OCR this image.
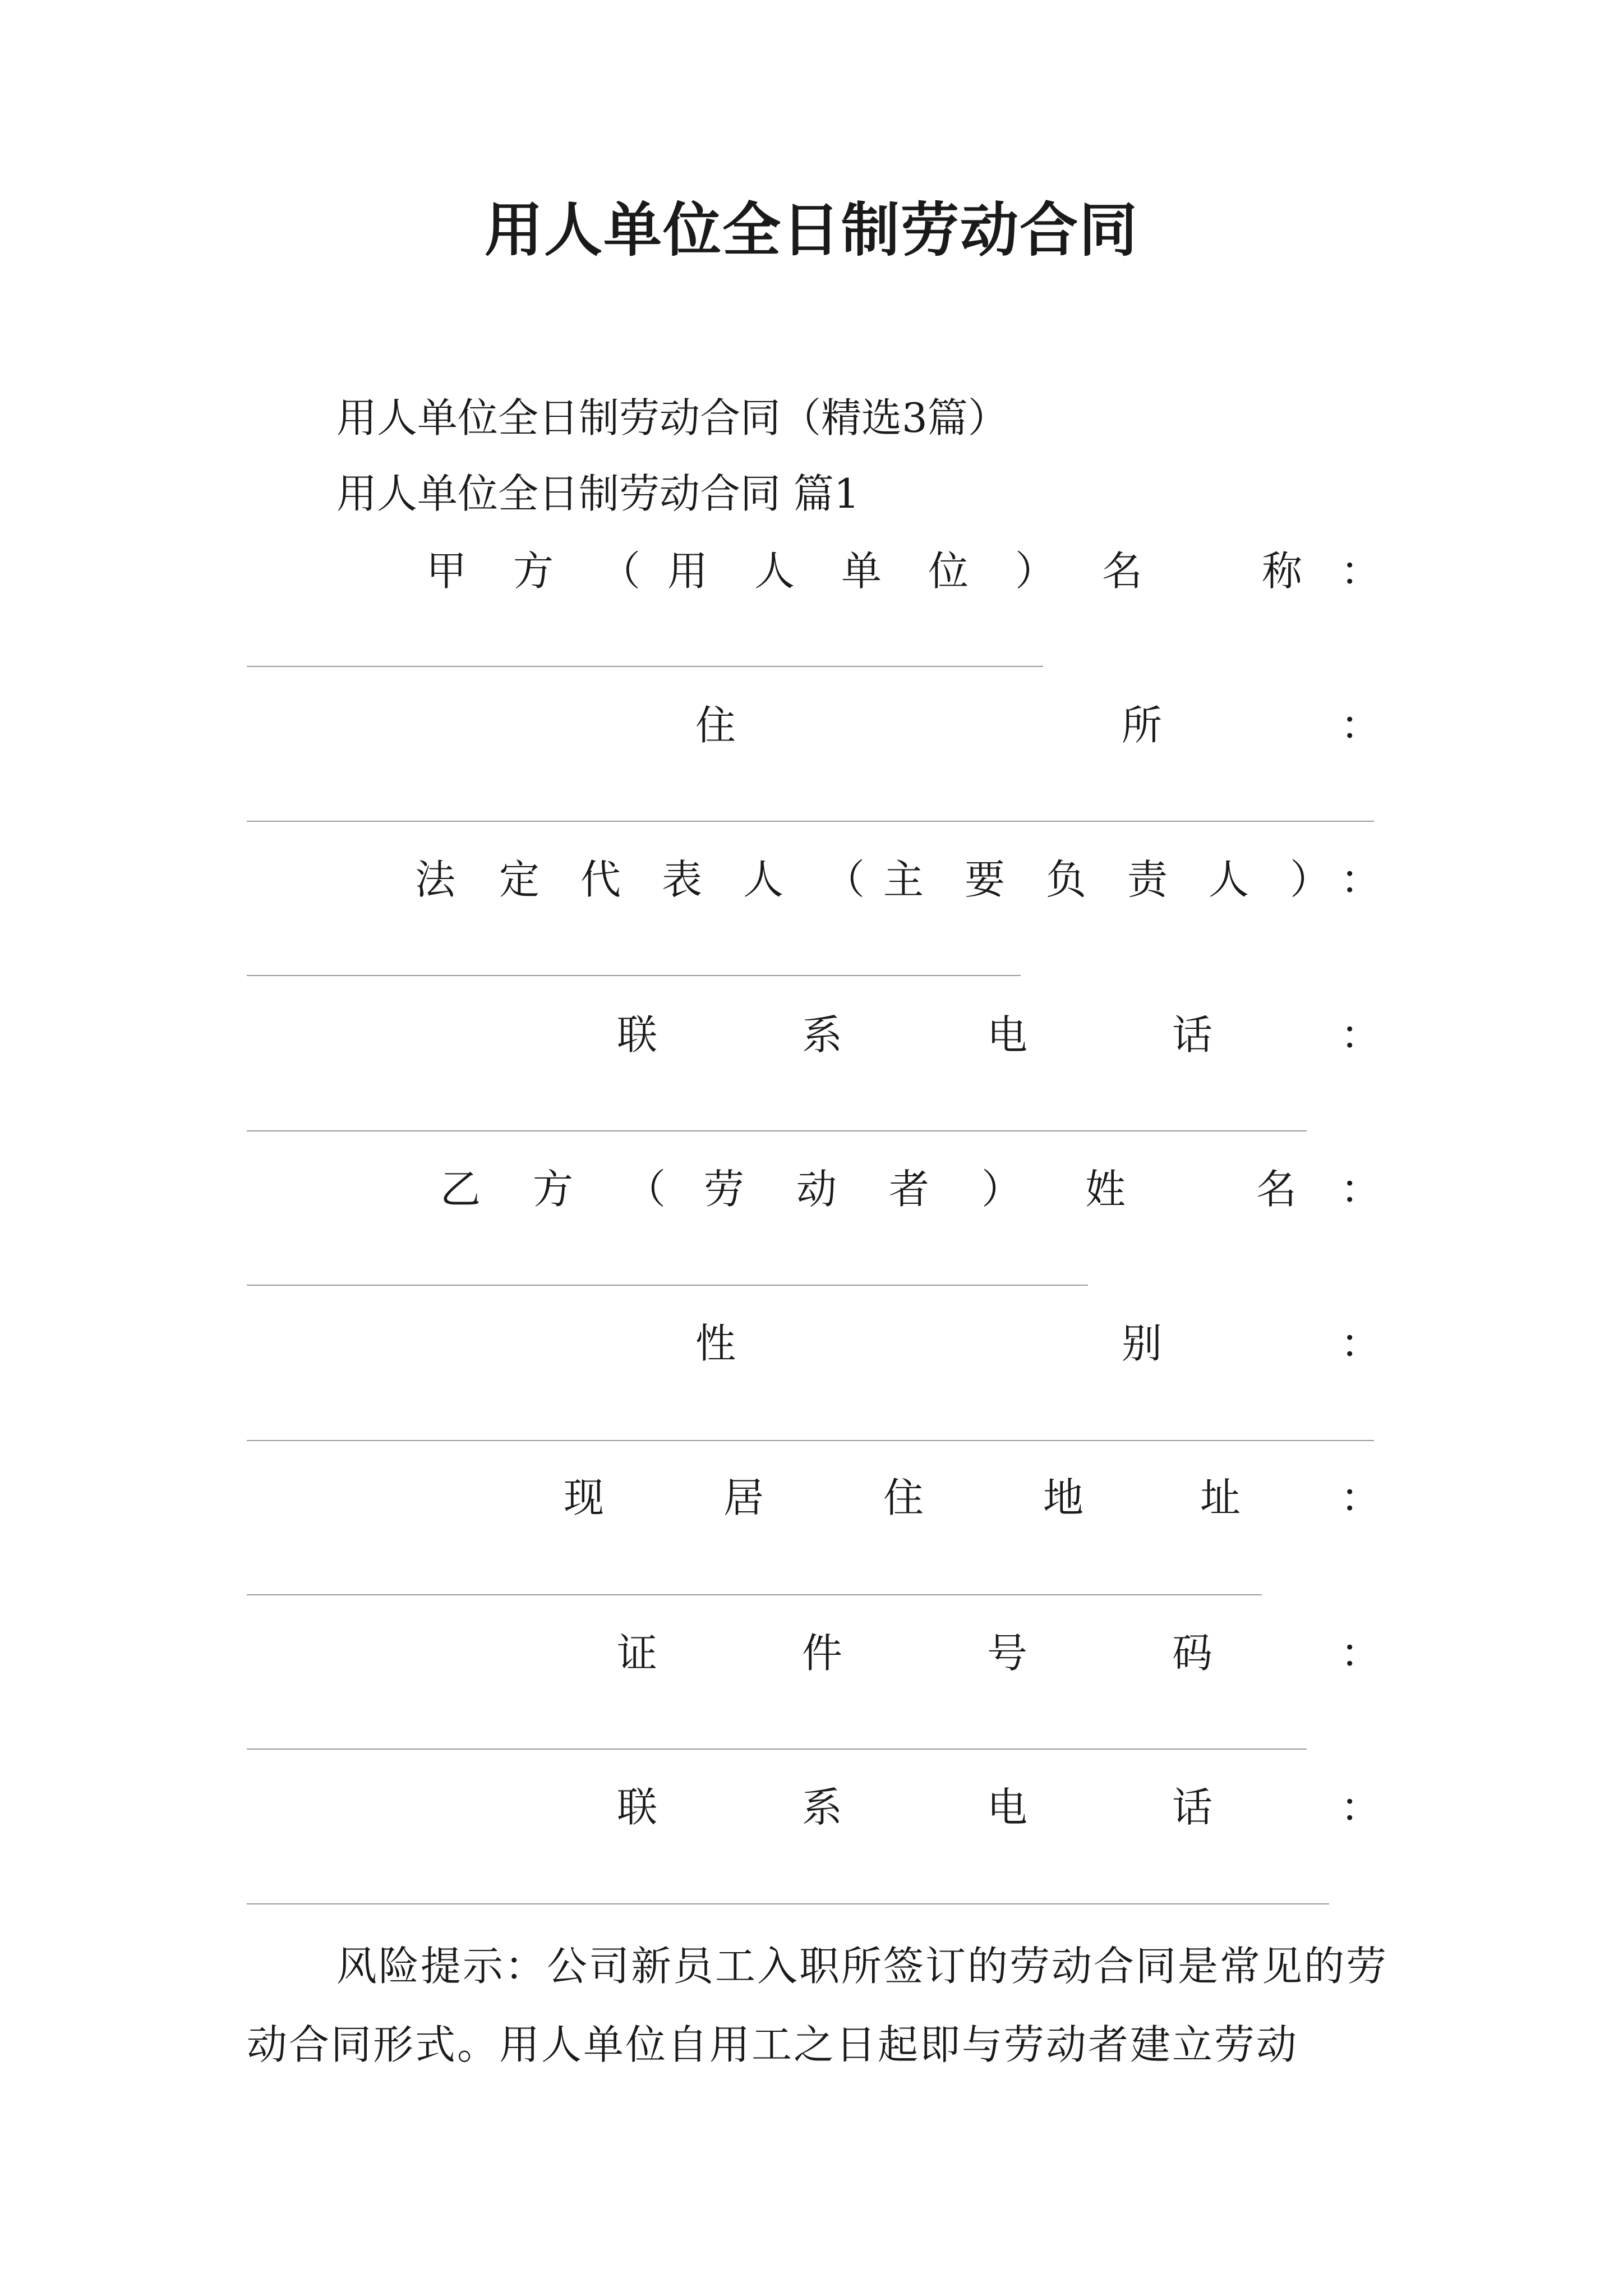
用人单位全日制劳动合同
用人单位全日制劳动合同（精选3篇）
用人单位全日制劳动合同 篇1
甲 方 （ 用 人 单 位 ） 名	称 ：
住	所	：
法 定 代 表 人 （ 主 要 负 责 人 ） ：
联	系	电	话	：
乙 方 （ 劳 动 者 ） 姓	名 ：
性	别	：
现	居	住	地	址 ：
证	件	号	码	：
联	系	电	话	：
风险提示：公司新员工入职所签订的劳动合同是常见的劳动合同形式。用人单位自用工之日起即与劳动者建立劳动
